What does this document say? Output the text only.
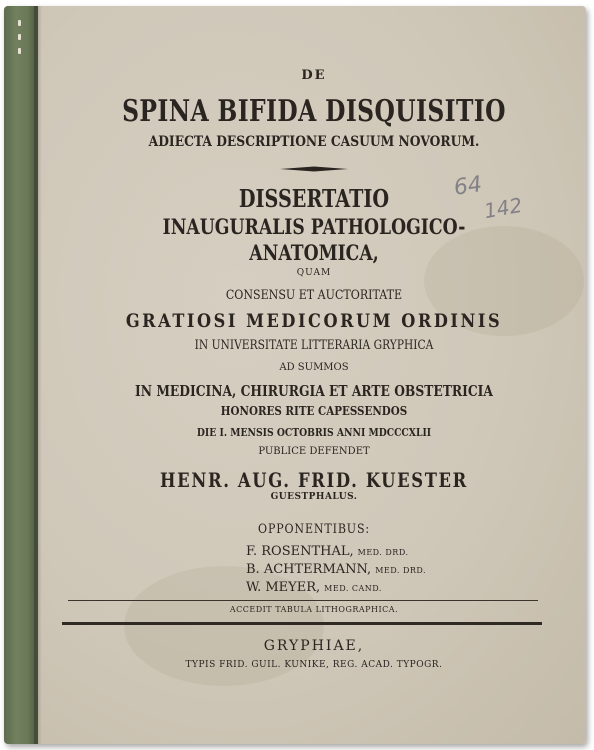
DE
SPINA BIFIDA DISQUISITIO
ADIECTA DESCRIPTIONE CASUUM NOVORUM.
DISSERTATIO
INAUGURALIS PATHOLOGICO-
ANATOMICA,
QUAM
CONSENSU ET AUCTORITATE
GRATIOSI MEDICORUM ORDINIS
IN UNIVERSITATE LITTERARIA GRYPHICA
AD SUMMOS
IN MEDICINA, CHIRURGIA ET ARTE OBSTETRICIA
HONORES RITE CAPESSENDOS
DIE I. MENSIS OCTOBRIS ANNI MDCCCXLII
PUBLICE DEFENDET
HENR. AUG. FRID. KUESTER
GUESTPHALUS.
OPPONENTIBUS:
F. ROSENTHAL, MED. DRD.
B. ACHTERMANN, MED. DRD.
W. MEYER, MED. CAND.
ACCEDIT TABULA LITHOGRAPHICA.
GRYPHIAE,
TYPIS FRID. GUIL. KUNIKE, REG. ACAD. TYPOGR.
64
142
